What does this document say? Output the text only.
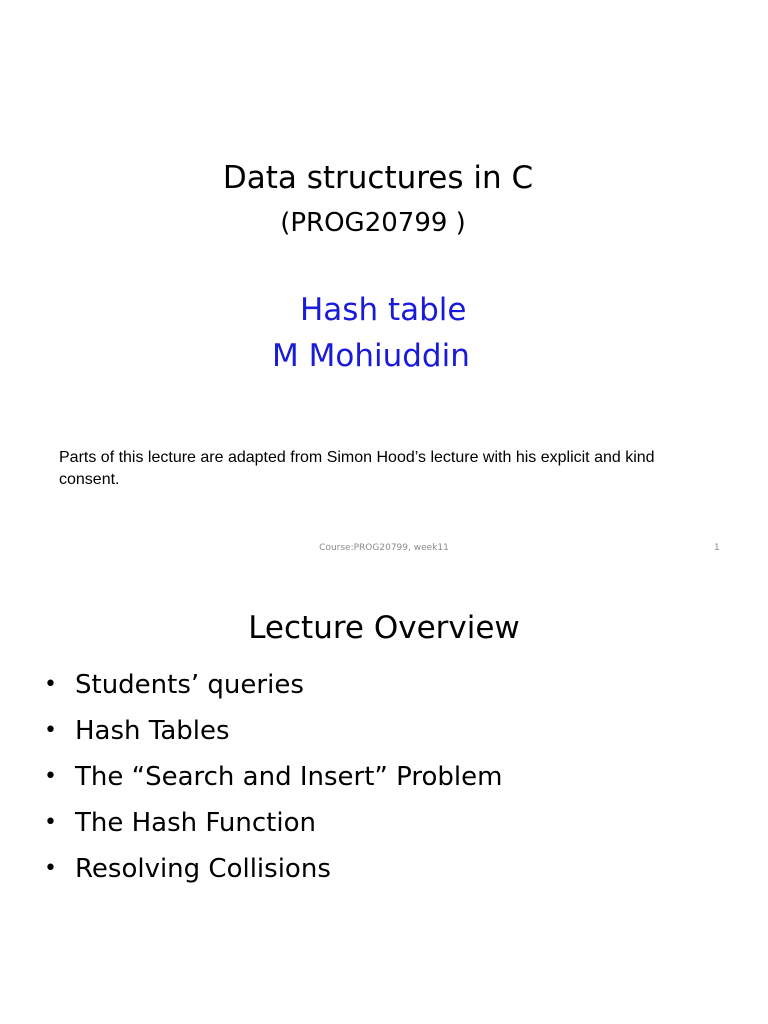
Data structures in C
(PROG20799 )
Hash table
M Mohiuddin
Parts of this lecture are adapted from Simon Hood’s lecture with his explicit and kind consent.
Course:PROG20799, week11	1
Lecture Overview
• Students’ queries
• Hash Tables
• The “Search and Insert” Problem
• The Hash Function
• Resolving Collisions
